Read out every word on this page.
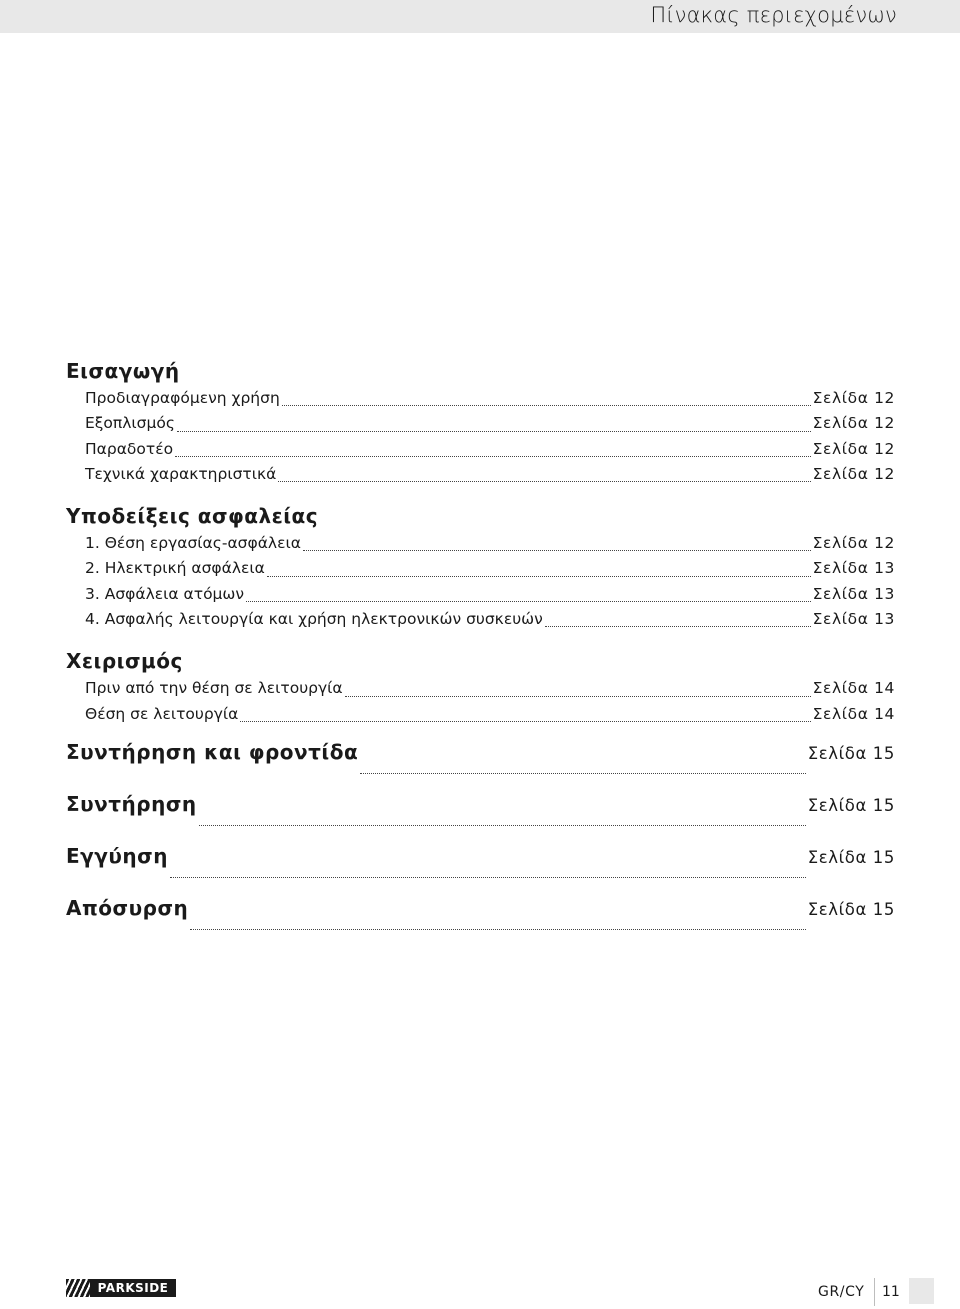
Πίνακας περιεχομένων
Εισαγωγή
Προδιαγραφόμενη χρήση	Σελίδα 12
Εξοπλισμός	Σελίδα 12
Παραδοτέο	Σελίδα 12
Τεχνικά χαρακτηριστικά	Σελίδα 12
Υποδείξεις ασφαλείας
1. Θέση εργασίας-ασφάλεια	Σελίδα 12
2. Ηλεκτρική ασφάλεια	Σελίδα 13
3. Ασφάλεια ατόμων	Σελίδα 13
4. Ασφαλής λειτουργία και χρήση ηλεκτρονικών συσκευών	Σελίδα 13
Χειρισμός
Πριν από την θέση σε λειτουργία	Σελίδα 14
Θέση σε λειτουργία	Σελίδα 14
Συντήρηση και φροντίδα	Σελίδα 15
Συντήρηση	Σελίδα 15
Εγγύηση	Σελίδα 15
Απόσυρση	Σελίδα 15
PARKSIDE	GR/CY 11
